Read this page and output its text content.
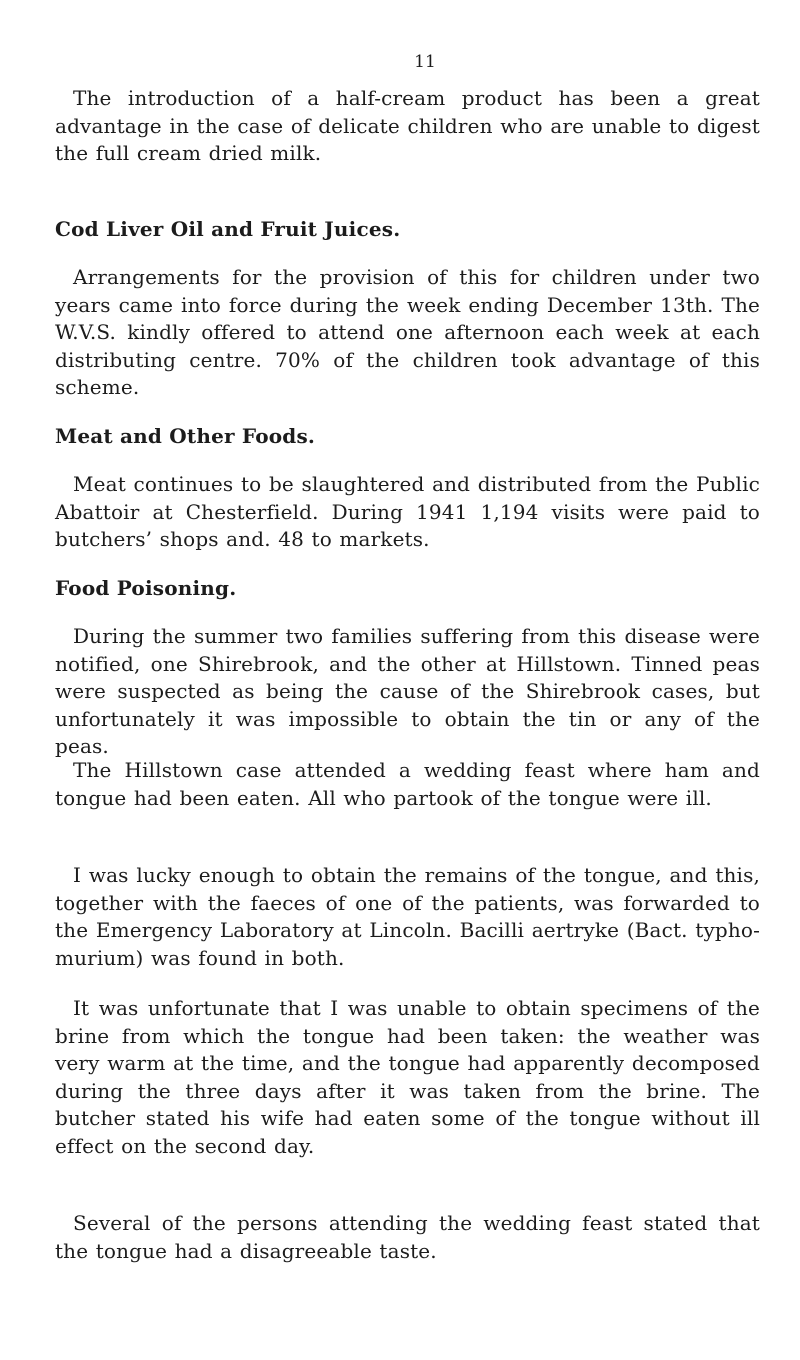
11

The introduction of a half-cream product has been a great advantage in the case of delicate children who are unable to digest the full cream dried milk.

Cod Liver Oil and Fruit Juices.

Arrangements for the provision of this for children under two years came into force during the week ending December 13th. The W.V.S. kindly offered to attend one afternoon each week at each distributing centre. 70% of the children took advantage of this scheme.

Meat and Other Foods.

Meat continues to be slaughtered and distributed from the Public Abattoir at Chesterfield. During 1941 1,194 visits were paid to butchers’ shops and. 48 to markets.

Food Poisoning.

During the summer two families suffering from this disease were notified, one Shirebrook, and the other at Hillstown. Tinned peas were suspected as being the cause of the Shirebrook cases, but unfortunately it was impossible to obtain the tin or any of the peas.

The Hillstown case attended a wedding feast where ham and tongue had been eaten. All who partook of the tongue were ill.

I was lucky enough to obtain the remains of the tongue, and this, together with the faeces of one of the patients, was forwarded to the Emergency Laboratory at Lincoln. Bacilli aertryke (Bact. typho-murium) was found in both.

It was unfortunate that I was unable to obtain specimens of the brine from which the tongue had been taken: the weather was very warm at the time, and the tongue had apparently decomposed during the three days after it was taken from the brine. The butcher stated his wife had eaten some of the tongue without ill effect on the second day.

Several of the persons attending the wedding feast stated that the tongue had a disagreeable taste.
